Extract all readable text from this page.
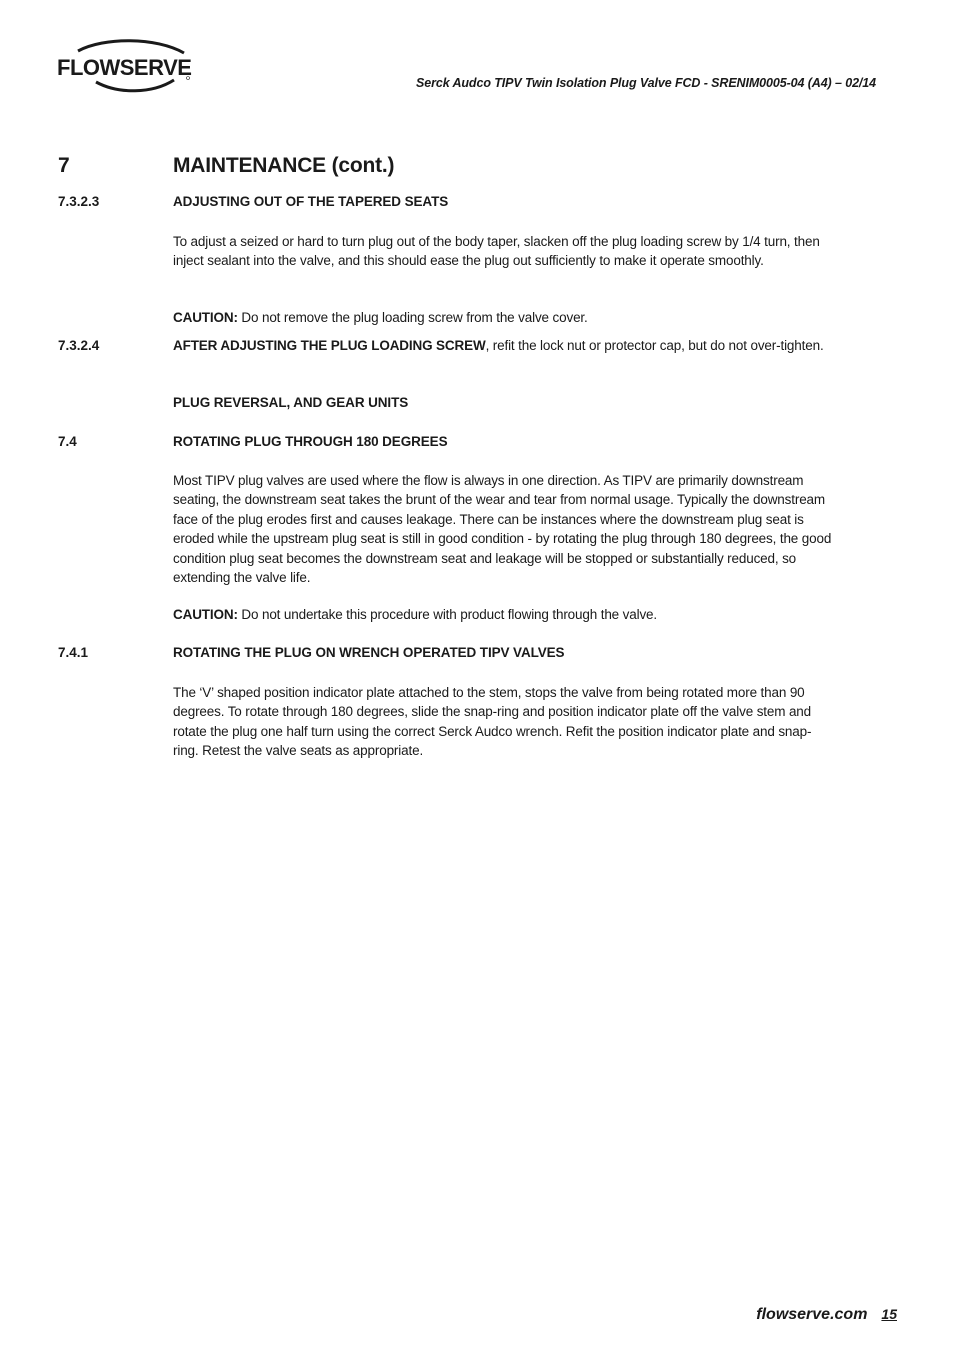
FLOWSERVE
Serck Audco TIPV Twin Isolation Plug Valve FCD - SRENIM0005-04 (A4) – 02/14
7	MAINTENANCE (cont.)
7.3.2.3	ADJUSTING OUT OF THE TAPERED SEATS
To adjust a seized or hard to turn plug out of the body taper, slacken off the plug loading screw by 1/4 turn, then inject sealant into the valve, and this should ease the plug out sufficiently to make it operate smoothly.
CAUTION: Do not remove the plug loading screw from the valve cover.
7.3.2.4	AFTER ADJUSTING THE PLUG LOADING SCREW, refit the lock nut or protector cap, but do not over-tighten.
PLUG REVERSAL, AND GEAR UNITS
7.4	ROTATING PLUG THROUGH 180 DEGREES
Most TIPV plug valves are used where the flow is always in one direction. As TIPV are primarily downstream seating, the downstream seat takes the brunt of the wear and tear from normal usage. Typically the downstream face of the plug erodes first and causes leakage. There can be instances where the downstream plug seat is eroded while the upstream plug seat is still in good condition - by rotating the plug through 180 degrees, the good condition plug seat becomes the downstream seat and leakage will be stopped or substantially reduced, so extending the valve life.
CAUTION: Do not undertake this procedure with product flowing through the valve.
7.4.1	ROTATING THE PLUG ON WRENCH OPERATED TIPV VALVES
The ‘V’ shaped position indicator plate attached to the stem, stops the valve from being rotated more than 90 degrees. To rotate through 180 degrees, slide the snap-ring and position indicator plate off the valve stem and rotate the plug one half turn using the correct Serck Audco wrench. Refit the position indicator plate and snap-ring. Retest the valve seats as appropriate.
flowserve.com 15
